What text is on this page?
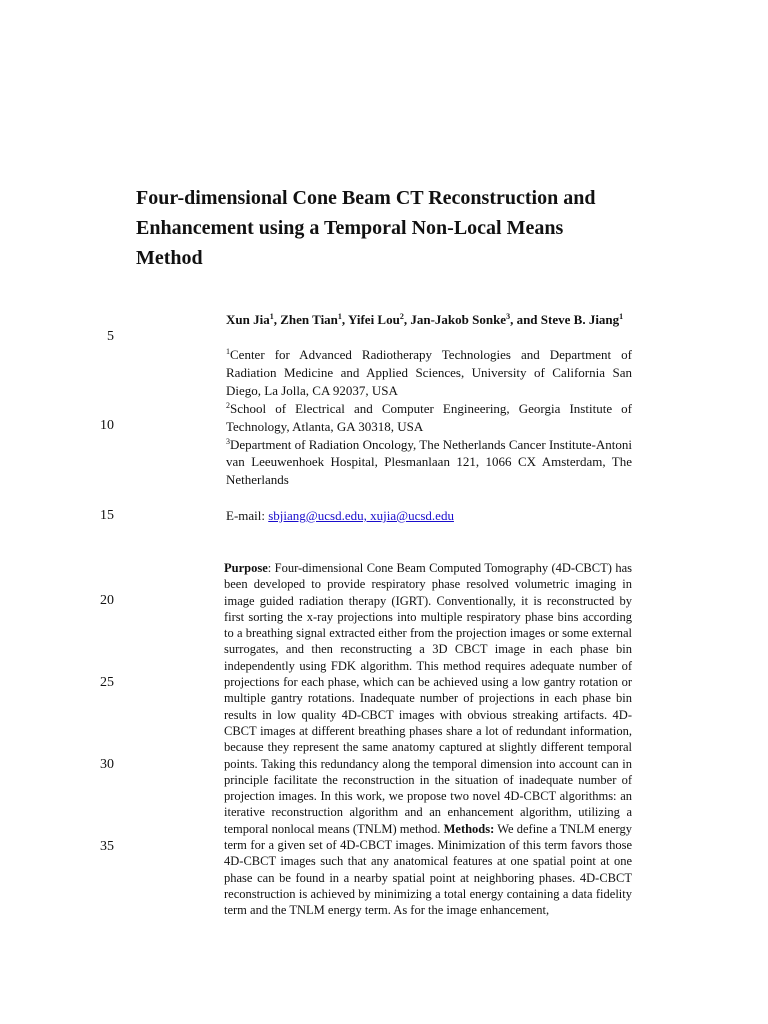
Four-dimensional Cone Beam CT Reconstruction and
Enhancement using a Temporal Non-Local Means
Method
5
10
15
20
25
30
35
Xun Jia$^1$, Zhen Tian$^1$, Yifei Lou$^2$, Jan-Jakob Sonke$^3$, and Steve B. Jiang$^1$
$^1$Center for Advanced Radiotherapy Technologies and Department of Radiation Medicine and Applied Sciences, University of California San Diego, La Jolla, CA 92037, USA
$^2$School of Electrical and Computer Engineering, Georgia Institute of Technology, Atlanta, GA 30318, USA
$^3$Department of Radiation Oncology, The Netherlands Cancer Institute-Antoni van Leeuwenhoek Hospital, Plesmanlaan 121, 1066 CX Amsterdam, The Netherlands
E-mail: sbjiang@ucsd.edu, xujia@ucsd.edu

Purpose: Four-dimensional Cone Beam Computed Tomography (4D-CBCT) has been developed to provide respiratory phase resolved volumetric imaging in image guided radiation therapy (IGRT). Conventionally, it is reconstructed by first sorting the x-ray projections into multiple respiratory phase bins according to a breathing signal extracted either from the projection images or some external surrogates, and then reconstructing a 3D CBCT image in each phase bin independently using FDK algorithm. This method requires adequate number of projections for each phase, which can be achieved using a low gantry rotation or multiple gantry rotations. Inadequate number of projections in each phase bin results in low quality 4D-CBCT images with obvious streaking artifacts. 4D-CBCT images at different breathing phases share a lot of redundant information, because they represent the same anatomy captured at slightly different temporal points. Taking this redundancy along the temporal dimension into account can in principle facilitate the reconstruction in the situation of inadequate number of projection images. In this work, we propose two novel 4D-CBCT algorithms: an iterative reconstruction algorithm and an enhancement algorithm, utilizing a temporal nonlocal means (TNLM) method. Methods: We define a TNLM energy term for a given set of 4D-CBCT images. Minimization of this term favors those 4D-CBCT images such that any anatomical features at one spatial point at one phase can be found in a nearby spatial point at neighboring phases. 4D-CBCT reconstruction is achieved by minimizing a total energy containing a data fidelity term and the TNLM energy term. As for the image enhancement,
